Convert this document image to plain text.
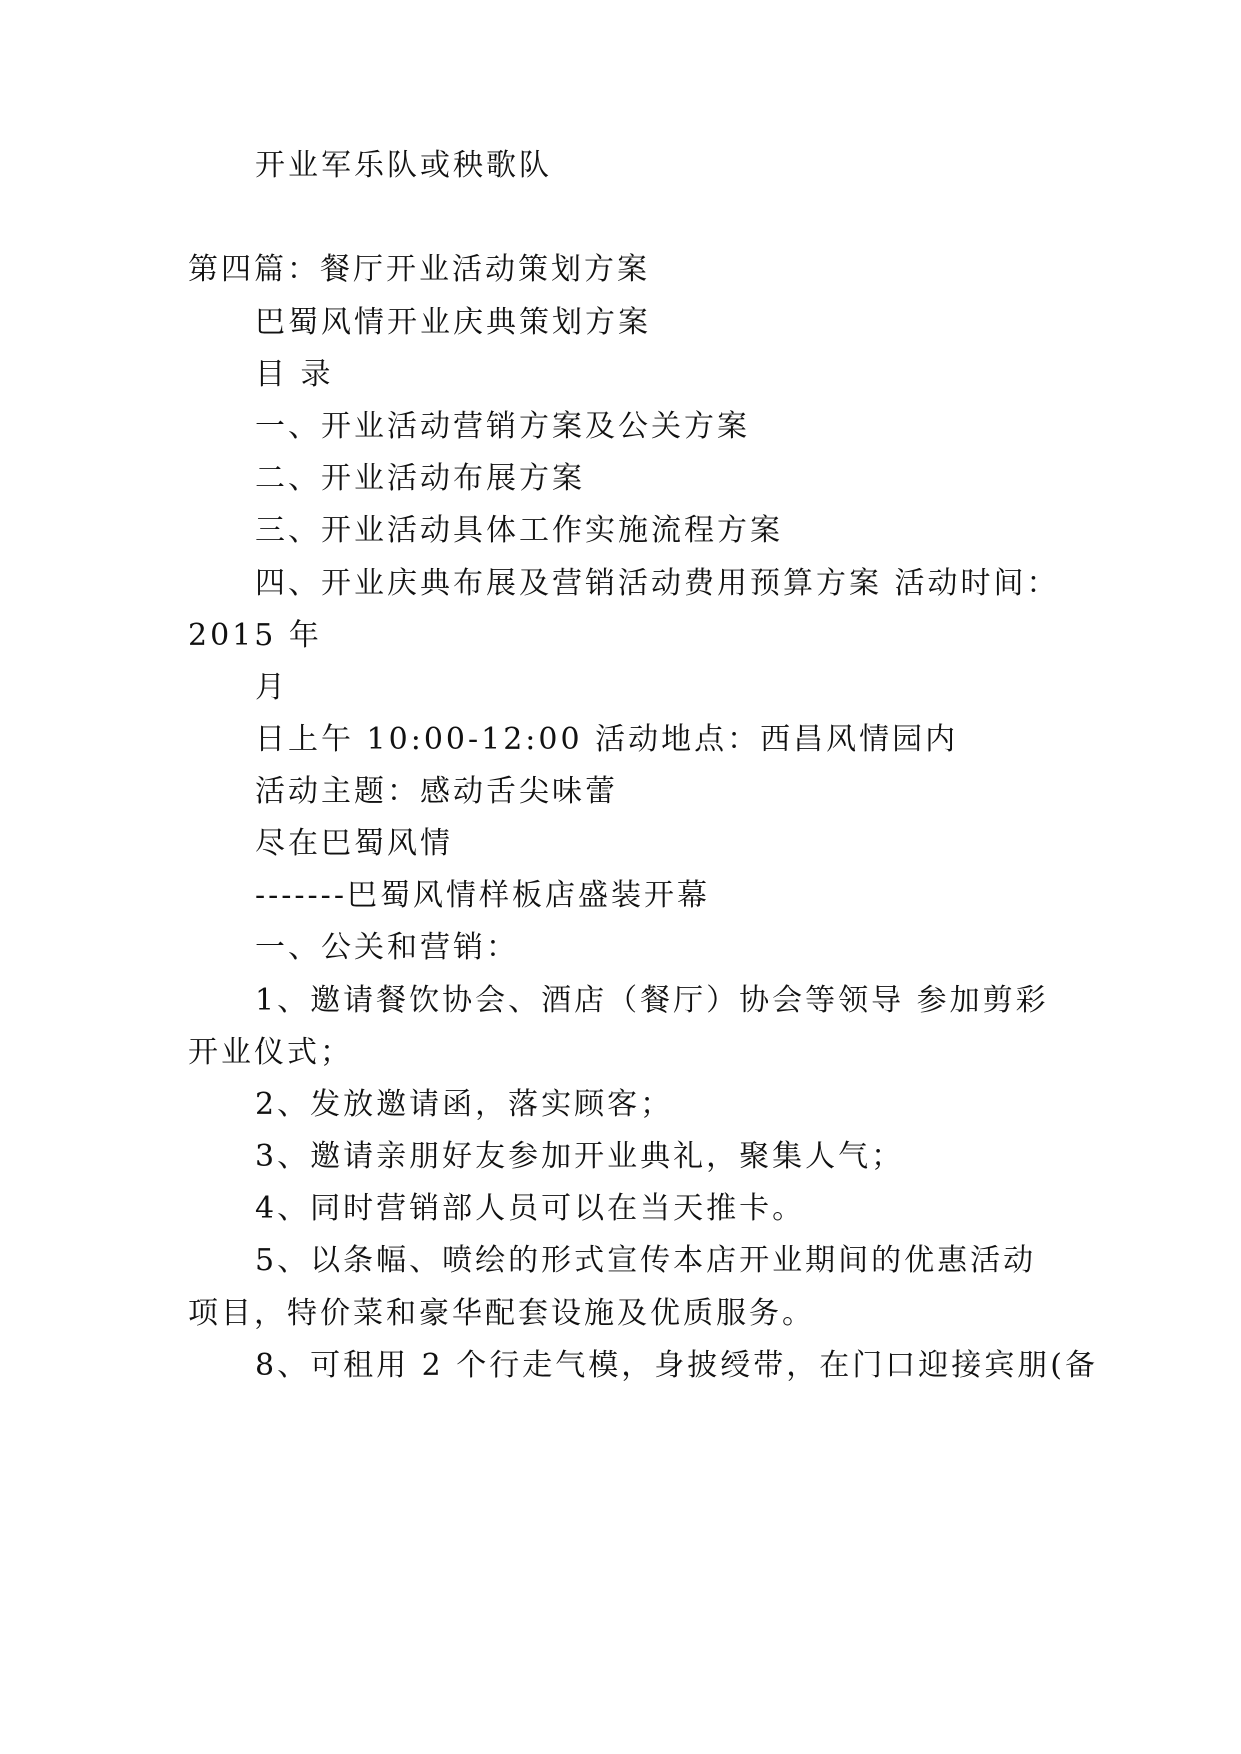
开业军乐队或秧歌队
第四篇：餐厅开业活动策划方案
巴蜀风情开业庆典策划方案
目 录
一、开业活动营销方案及公关方案
二、开业活动布展方案
三、开业活动具体工作实施流程方案
四、开业庆典布展及营销活动费用预算方案 活动时间：
2015 年
月
日上午 10:00-12:00 活动地点：西昌风情园内
活动主题：感动舌尖味蕾
尽在巴蜀风情
-------巴蜀风情样板店盛装开幕
一、公关和营销：
1、邀请餐饮协会、酒店（餐厅）协会等领导 参加剪彩
开业仪式；
2、发放邀请函，落实顾客；
3、邀请亲朋好友参加开业典礼，聚集人气；
4、同时营销部人员可以在当天推卡。
5、以条幅、喷绘的形式宣传本店开业期间的优惠活动
项目，特价菜和豪华配套设施及优质服务。
8、可租用 2 个行走气模，身披绶带，在门口迎接宾朋(备
